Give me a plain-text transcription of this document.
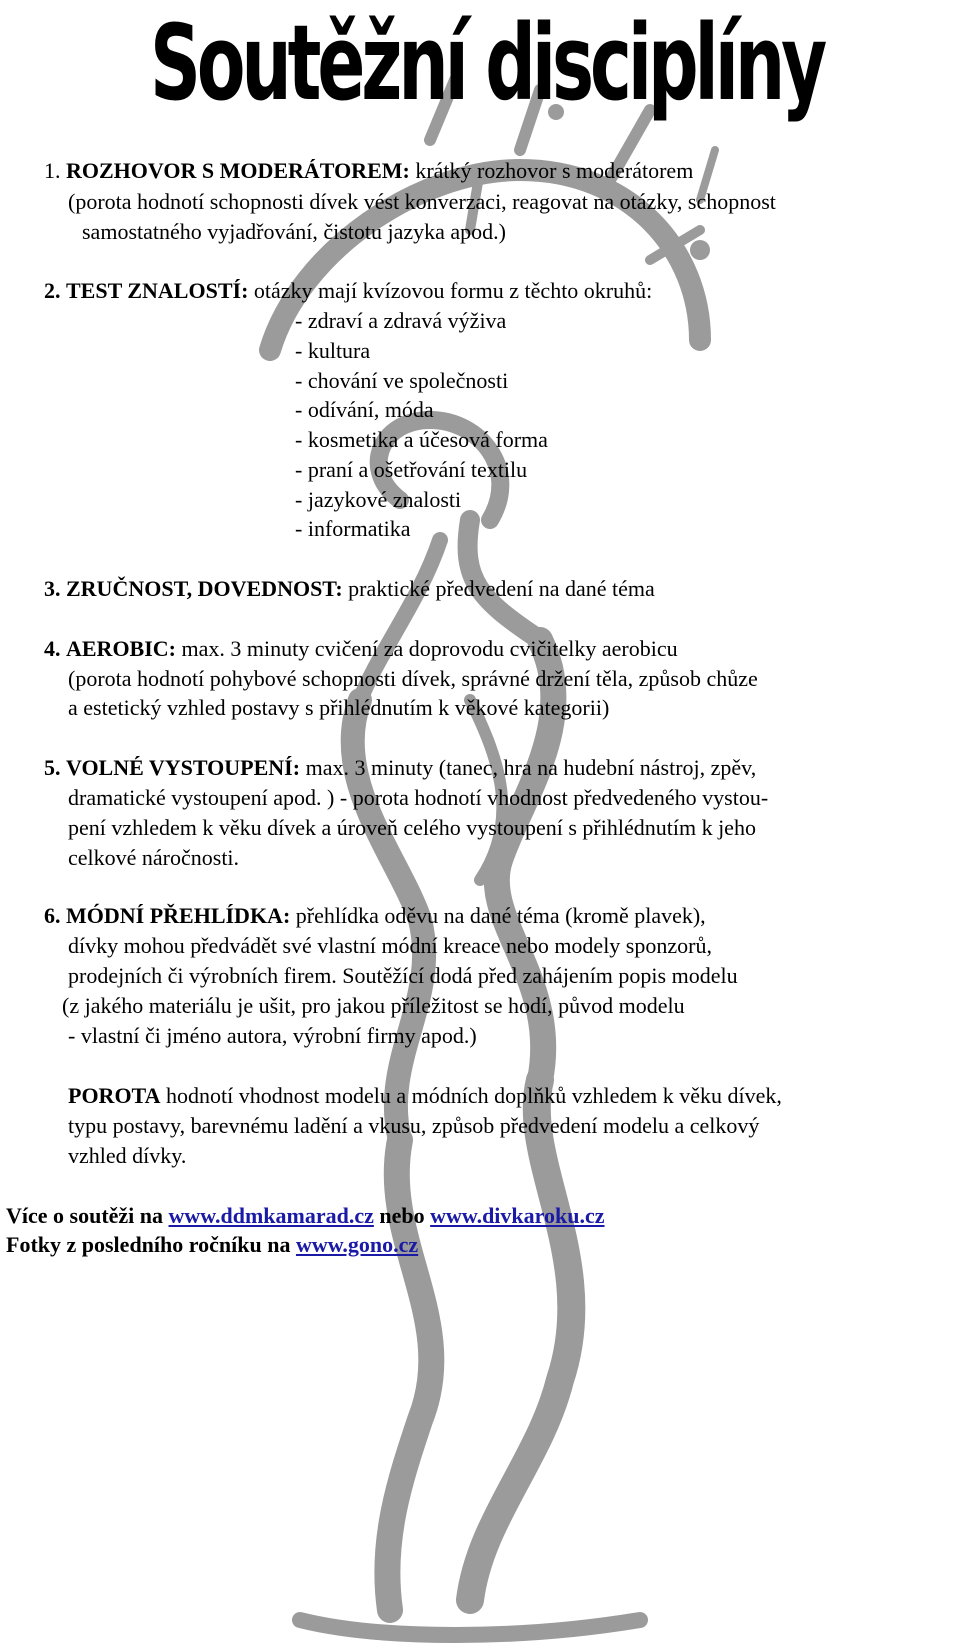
Soutěžní disciplíny
1. ROZHOVOR S MODERÁTOREM: krátký rozhovor s moderátorem
(porota hodnotí schopnosti dívek vést konverzaci, reagovat na otázky, schopnost
samostatného vyjadřování, čistotu jazyka apod.)
2. TEST ZNALOSTÍ: otázky mají kvízovou formu z těchto okruhů:
- zdraví a zdravá výživa
- kultura
- chování ve společnosti
- odívání, móda
- kosmetika a účesová forma
- praní a ošetřování textilu
- jazykové znalosti
- informatika
3. ZRUČNOST, DOVEDNOST: praktické předvedení na dané téma
4. AEROBIC: max. 3 minuty cvičení za doprovodu cvičitelky aerobicu
(porota hodnotí pohybové schopnosti dívek, správné držení těla, způsob chůze
a estetický vzhled postavy s přihlédnutím k věkové kategorii)
5. VOLNÉ VYSTOUPENÍ: max. 3 minuty (tanec, hra na hudební nástroj, zpěv,
dramatické vystoupení apod. ) - porota hodnotí vhodnost předvedeného vystou-
pení vzhledem k věku dívek a úroveň celého vystoupení s přihlédnutím k jeho
celkové náročnosti.
6. MÓDNÍ PŘEHLÍDKA: přehlídka oděvu na dané téma (kromě plavek),
dívky mohou předvádět své vlastní módní kreace nebo modely sponzorů,
prodejních či výrobních firem. Soutěžící dodá před zahájením popis modelu
(z jakého materiálu je ušit, pro jakou příležitost se hodí, původ modelu
- vlastní či jméno autora, výrobní firmy apod.)
POROTA hodnotí vhodnost modelu a módních doplňků vzhledem k věku dívek,
typu postavy, barevnému ladění a vkusu, způsob předvedení modelu a celkový
vzhled dívky.
Více o soutěži na www.ddmkamarad.cz nebo www.divkaroku.cz
Fotky z posledního ročníku na www.gono.cz
